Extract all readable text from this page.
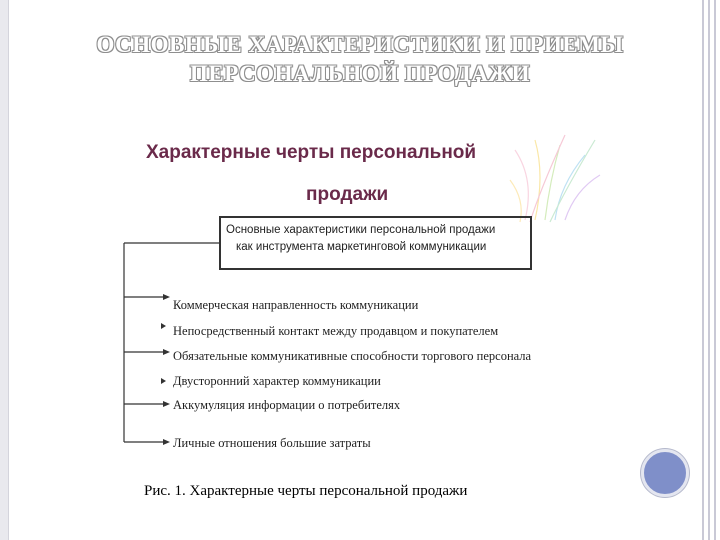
ОСНОВНЫЕ ХАРАКТЕРИСТИКИ И ПРИЕМЫ
ПЕРСОНАЛЬНОЙ ПРОДАЖИ
Характерные черты персональной
продажи
Основные характеристики персональной продажи
как инструмента маркетинговой коммуникации
Коммерческая направленность коммуникации
Непосредственный контакт между продавцом и покупателем
Обязательные коммуникативные способности торгового персонала
Двусторонний характер коммуникации
Аккумуляция информации о потребителях
Личные отношения большие затраты
Рис. 1. Характерные черты персональной продажи
